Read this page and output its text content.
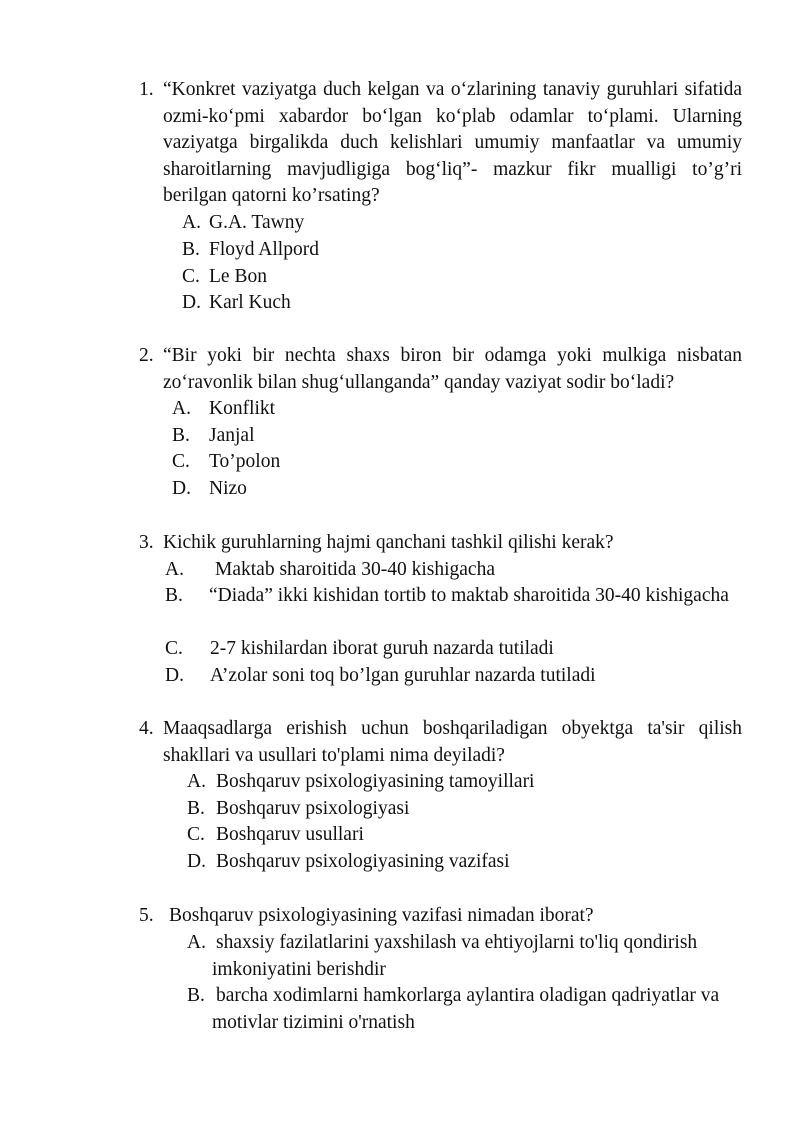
1. “Konkret vaziyatga duch kelgan va o‘zlarining tanaviy guruhlari sifatida ozmi-ko‘pmi xabardor bo‘lgan ko‘plab odamlar to‘plami. Ularning vaziyatga birgalikda duch kelishlari umumiy manfaatlar va umumiy sharoitlarning mavjudligiga bog‘liq”- mazkur fikr mualligi to’g’ri berilgan qatorni ko’rsating?
A. G.A. Tawny
B. Floyd Allpord
C. Le Bon
D. Karl Kuch
2. “Bir yoki bir nechta shaxs biron bir odamga yoki mulkiga nisbatan zo‘ravonlik bilan shug‘ullanganda” qanday vaziyat sodir bo‘ladi?
A. Konflikt
B. Janjal
C. To’polon
D. Nizo
3. Kichik guruhlarning hajmi qanchani tashkil qilishi kerak?
A. Maktab sharoitida 30-40 kishigacha
B.	“Diada” ikki kishidan tortib to maktab sharoitida 30-40 kishigacha
C. 2-7 kishilardan iborat guruh nazarda tutiladi
D. A’zolar soni toq bo’lgan guruhlar nazarda tutiladi
4. Maaqsadlarga erishish uchun boshqariladigan obyektga ta'sir qilish shakllari va usullari to'plami nima deyiladi?
A. Boshqaruv psixologiyasining tamoyillari
B. Boshqaruv psixologiyasi
C. Boshqaruv usullari
D. Boshqaruv psixologiyasining vazifasi
5. Boshqaruv psixologiyasining vazifasi nimadan iborat?
A. shaxsiy fazilatlarini yaxshilash va ehtiyojlarni to'liq qondirish imkoniyatini berishdir
B. barcha xodimlarni hamkorlarga aylantira oladigan qadriyatlar va motivlar tizimini o'rnatish
